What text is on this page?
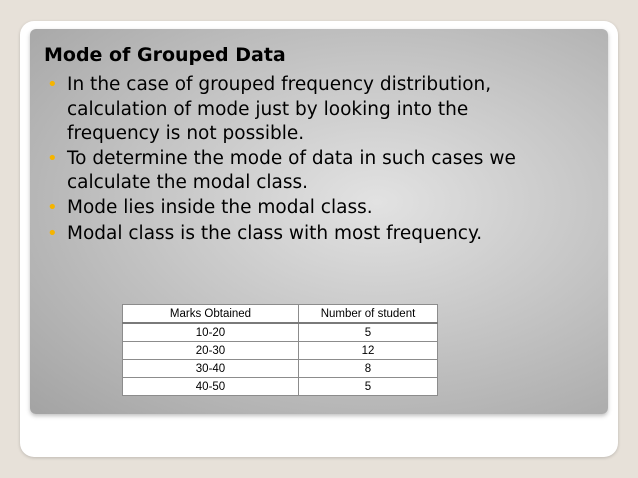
Mode of Grouped Data
• In the case of grouped frequency distribution, calculation of mode just by looking into the frequency is not possible.
• To determine the mode of data in such cases we calculate the modal class.
• Mode lies inside the modal class.
• Modal class is the class with most frequency.
Marks Obtained	Number of student
10-20	5
20-30	12
30-40	8
40-50	5
